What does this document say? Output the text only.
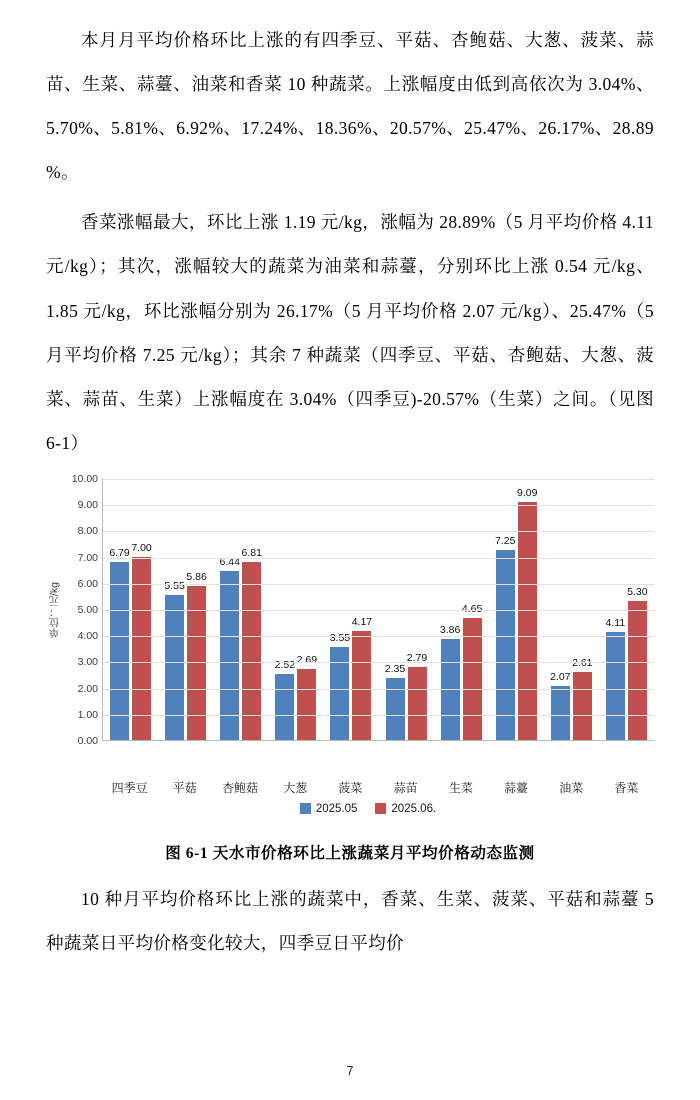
本月月平均价格环比上涨的有四季豆、平菇、杏鲍菇、大葱、菠菜、蒜苗、生菜、蒜薹、油菜和香菜 10 种蔬菜。上涨幅度由低到高依次为 3.04%、5.70%、5.81%、6.92%、17.24%、18.36%、20.57%、25.47%、26.17%、28.89 %。

香菜涨幅最大，环比上涨 1.19 元/kg，涨幅为 28.89%（5 月平均价格 4.11 元/kg）；其次，涨幅较大的蔬菜为油菜和蒜薹，分别环比上涨 0.54 元/kg、1.85 元/kg，环比涨幅分别为 26.17%（5 月平均价格 2.07 元/kg）、25.47%（5 月平均价格 7.25 元/kg）；其余 7 种蔬菜（四季豆、平菇、杏鲍菇、大葱、菠菜、蒜苗、生菜）上涨幅度在 3.04%（四季豆)-20.57%（生菜）之间。（见图 6-1）

单位：元/kg
10.00
9.00
8.00
7.00
6.00
5.00
4.00
3.00
2.00
1.00
0.00
6.79 7.00
5.55
5.86
6.44
6.81
2.52 2.69
3.55
4.17
2.35
2.79
3.86
4.65
7.25
9.09
2.07
2.61
4.11
5.30
四季豆	平菇	杏鲍菇	大葱	菠菜	蒜苗	生菜	蒜薹	油菜	香菜
2025.05	2025.06.
图 6-1 天水市价格环比上涨蔬菜月平均价格动态监测

10 种月平均价格环比上涨的蔬菜中，香菜、生菜、菠菜、平菇和蒜薹 5 种蔬菜日平均价格变化较大，四季豆日平均价

7
